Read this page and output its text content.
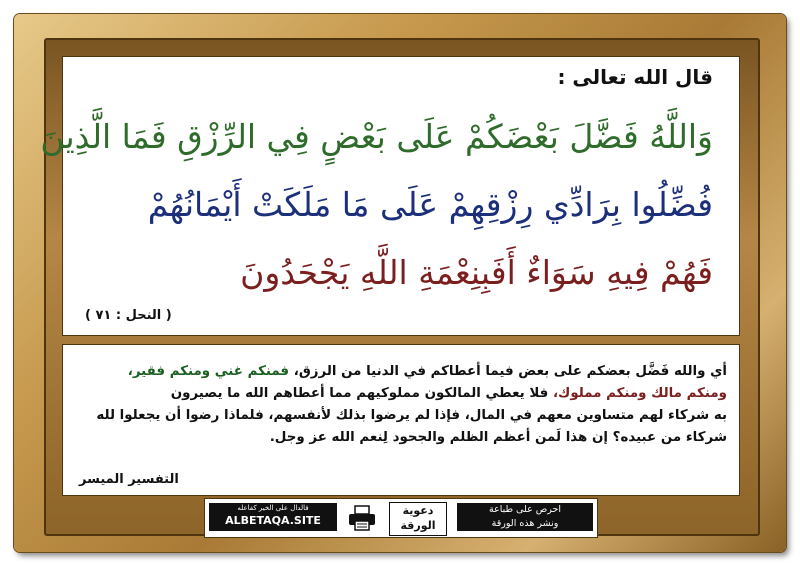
قال الله تعالى :
وَاللَّهُ فَضَّلَ بَعْضَكُمْ عَلَى بَعْضٍ فِي الرِّزْقِ فَمَا الَّذِينَ
فُضِّلُوا بِرَادِّي رِزْقِهِمْ عَلَى مَا مَلَكَتْ أَيْمَانُهُمْ
فَهُمْ فِيهِ سَوَاءٌ أَفَبِنِعْمَةِ اللَّهِ يَجْحَدُونَ
( النحل : ٧١ )
أي والله فَضَّل بعضكم على بعض فيما أعطاكم في الدنيا من الرزق، فمنكم غني ومنكم فقير،
ومنكم مالك ومنكم مملوك، فلا يعطي المالكون مملوكيهم مما أعطاهم الله ما يصيرون
به شركاء لهم متساوين معهم في المال، فإذا لم يرضوا بذلك لأنفسهم، فلماذا رضوا أن يجعلوا لله
شركاء من عبيده؟ إن هذا لَمن أعظم الظلم والجحود لِنعم الله عز وجل.
التفسير الميسر
فالدال على الخير كفاعله
ALBETAQA.SITE
دعوية
الورقة
احرص على طباعة
ونشر هذه الورقة
